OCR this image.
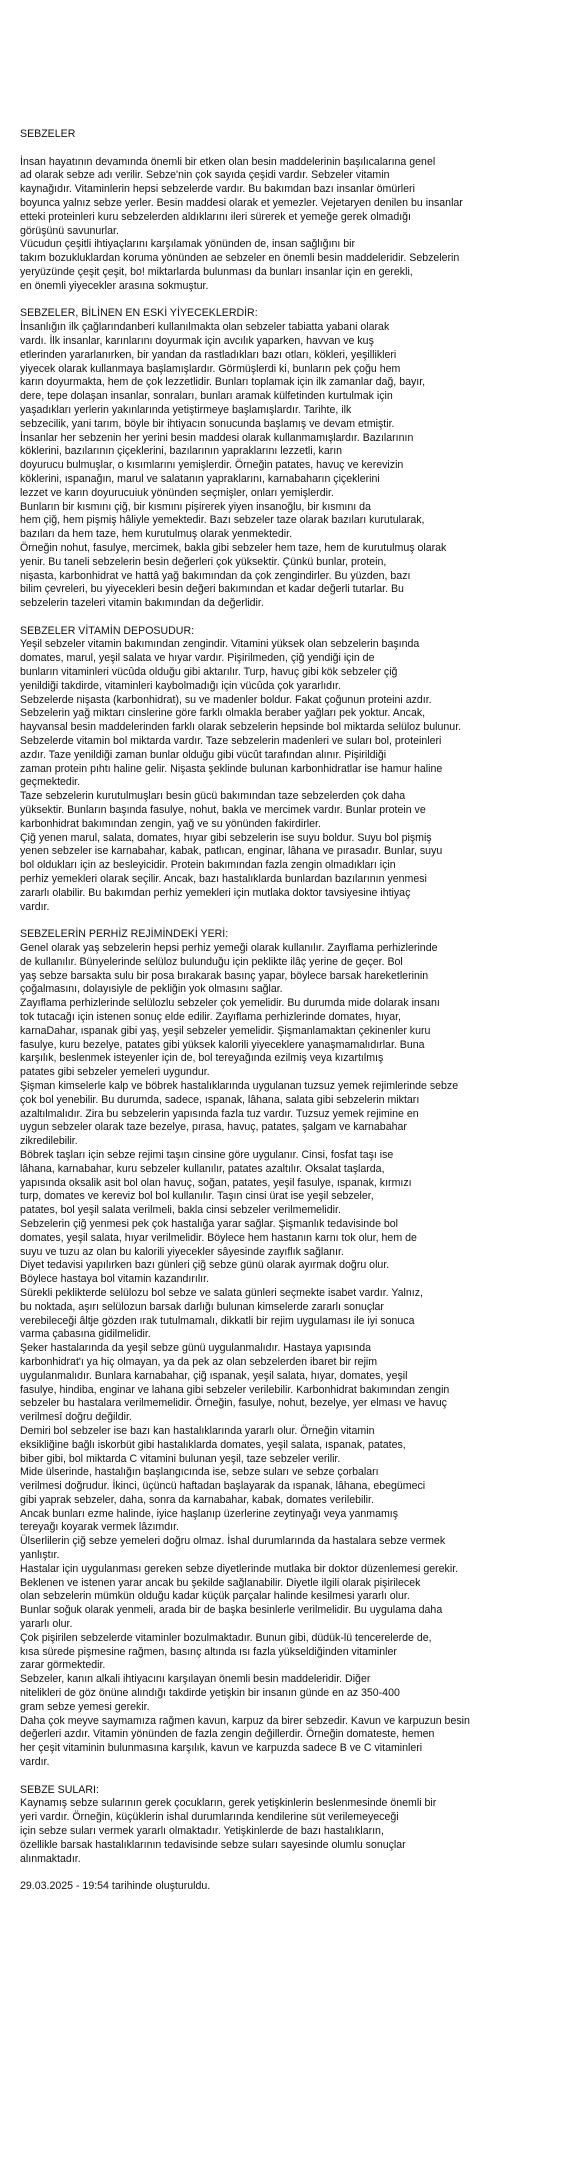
SEBZELER
İnsan hayatının devamında önemli bir etken olan besin maddelerinin başılıcalarına genel
ad olarak sebze adı verilir. Sebze'nin çok sayıda çeşidi vardır. Sebzeler vitamin
kaynağıdır. Vitaminlerin hepsi sebzelerde vardır. Bu bakımdan bazı insanlar ömürleri
boyunca yalnız sebze yerler. Besin maddesi olarak et yemezler. Vejetaryen denilen bu insanlar
etteki proteinleri kuru sebzelerden aldıklarını ileri sürerek et yemeğe gerek olmadığı
görüşünü savunurlar.
Vücudun çeşitli ihtiyaçlarını karşılamak yönünden de, insan sağlığını bir
takım bozukluklardan koruma yönünden ae sebzeler en önemli besin maddeleridir. Sebzelerin
yeryüzünde çeşit çeşit, bo! miktarlarda bulunması da bunları insanlar için en gerekli,
en önemli yiyecekler arasına sokmuştur.
SEBZELER, BİLİNEN EN ESKİ YİYECEKLERDİR:
İnsanlığın ilk çağlarındanberi kullanılmakta olan sebzeler tabiatta yabani olarak
vardı. İlk insanlar, karınlarını doyurmak için avcılık yaparken, havvan ve kuş
etlerinden yararlanırken, bir yandan da rastladıkları bazı otları, kökleri, yeşillikleri
yiyecek olarak kullanmaya başlamışlardır. Görmüşlerdi ki, bunların pek çoğu hem
karın doyurmakta, hem de çok lezzetlidir. Bunları toplamak için ilk zamanlar dağ, bayır,
dere, tepe dolaşan insanlar, sonraları, bunları aramak külfetinden kurtulmak için
yaşadıkları yerlerin yakınlarında yetiştirmeye başlamışlardır. Tarihte, ilk
sebzecilik, yani tarım, böyle bir ihtiyacın sonucunda başlamış ve devam etmiştir.
İnsanlar her sebzenin her yerini besin maddesi olarak kullanmamışlardır. Bazılarının
köklerini, bazılarının çiçeklerini, bazılarının yapraklarını lezzetli, karın
doyurucu bulmuşlar, o kısımlarını yemişlerdir. Örneğin patates, havuç ve kerevizin
köklerini, ıspanağın, marul ve salatanın yapraklarını, karnabaharın çiçeklerini
lezzet ve karın doyurucuiuk yönünden seçmişler, onları yemişlerdir.
Bunların bir kısmını çiğ, bir kısmını pişirerek yiyen insanoğlu, bir kısmını da
hem çiğ, hem pişmiş hâliyle yemektedir. Bazı sebzeler taze olarak bazıları kurutularak,
bazıları da hem taze, hem kurutulmuş olarak yenmektedir.
Örneğin nohut, fasulye, mercimek, bakla gibi sebzeler hem taze, hem de kurutulmuş olarak
yenir. Bu taneli sebzelerin besin değerleri çok yüksektir. Çünkü bunlar, protein,
nişasta, karbonhidrat ve hattâ yağ bakımından da çok zengindirler. Bu yüzden, bazı
bilim çevreleri, bu yiyecekleri besin değeri bakımından et kadar değerli tutarlar. Bu
sebzelerin tazeleri vitamin bakımından da değerlidir.
SEBZELER VİTAMİN DEPOSUDUR:
Yeşil sebzeler vitamin bakımından zengindir. Vitamini yüksek olan sebzelerin başında
domates, marul, yeşil salata ve hıyar vardır. Pişirilmeden, çiğ yendiği için de
bunların vitaminleri vücûda olduğu gibi aktarılır. Turp, havuç gibi kök sebzeler çiğ
yenildiği takdirde, vitaminleri kaybolmadığı için vücûda çok yararlıdır.
Sebzelerde nişasta (karbonhidrat), su ve madenler boldur. Fakat çoğunun proteini azdır.
Sebzelerin yağ miktarı cinslerine göre farklı olmakla beraber yağları pek yoktur. Ancak,
hayvansal besin maddelerinden farklı olarak sebzelerin hepsinde bol miktarda selüloz bulunur.
Sebzelerde vitamin bol miktarda vardır. Taze sebzelerin madenleri ve suları bol, proteinleri
azdır. Taze yenildiği zaman bunlar olduğu gibi vücût tarafından alınır. Pişirildiği
zaman protein pıhtı haline gelir. Nişasta şeklinde bulunan karbonhidratlar ise hamur haline
geçmektedir.
Taze sebzelerin kurutulmuşları besin gücü bakımından taze sebzelerden çok daha
yüksektir. Bunların başında fasulye, nohut, bakla ve mercimek vardır. Bunlar protein ve
karbonhidrat bakımından zengin, yağ ve su yönünden fakirdirler.
Çiğ yenen marul, salata, domates, hıyar gibi sebzelerin ise suyu boldur. Suyu bol pişmiş
yenen sebzeler ise karnabahar, kabak, patlıcan, enginar, lâhana ve pırasadır. Bunlar, suyu
bol oldukları için az besleyicidir. Protein bakımından fazla zengin olmadıkları için
perhiz yemekleri olarak seçilir. Ancak, bazı hastalıklarda bunlardan bazılarının yenmesi
zararlı olabilir. Bu bakımdan perhiz yemekleri için mutlaka doktor tavsiyesine ihtiyaç
vardır.
SEBZELERİN PERHİZ REJİMİNDEKİ YERİ:
Genel olarak yaş sebzelerin hepsi perhiz yemeği olarak kullanılır. Zayıflama perhizlerinde
de kullanılır. Bünyelerinde selüloz bulunduğu için peklikte ilâç yerine de geçer. Bol
yaş sebze barsakta sulu bir posa bırakarak basınç yapar, böylece barsak hareketlerinin
çoğalmasını, dolayısiyle de pekliğin yok olmasını sağlar.
Zayıflama perhizlerinde selülozlu sebzeler çok yemelidir. Bu durumda mide dolarak insanı
tok tutacağı için istenen sonuç elde edilir. Zayıflama perhizlerinde domates, hıyar,
karnaDahar, ıspanak gibi yaş, yeşil sebzeler yemelidir. Şişmanlamaktan çekinenler kuru
fasulye, kuru bezelye, patates gibi yüksek kalorili yiyeceklere yanaşmamalıdırlar. Buna
karşılık, beslenmek isteyenler için de, bol tereyağında ezilmiş veya kızartılmış
patates gibi sebzeler yemeleri uygundur.
Şişman kimselerle kalp ve böbrek hastalıklarında uygulanan tuzsuz yemek rejimlerinde sebze
çok bol yenebilir. Bu durumda, sadece, ıspanak, lâhana, salata gibi sebzelerin miktarı
azaltılmalıdır. Zira bu sebzelerin yapısında fazla tuz vardır. Tuzsuz yemek rejimine en
uygun sebzeler olarak taze bezelye, pırasa, havuç, patates, şalgam ve karnabahar
zikredilebilir.
Böbrek taşları için sebze rejimi taşın cinsine göre uygulanır. Cinsi, fosfat taşı ise
lâhana, karnabahar, kuru sebzeler kullanılır, patates azaltılır. Oksalat taşlarda,
yapısında oksalik asit bol olan havuç, soğan, patates, yeşil fasulye, ıspanak, kırmızı
turp, domates ve kereviz bol bol kullanılır. Taşın cinsi ürat ise yeşil sebzeler,
patates, bol yeşil salata verilmeli, bakla cinsi sebzeler verilmemelidir.
Sebzelerin çiğ yenmesi pek çok hastalığa yarar sağlar. Şişmanlık tedavisinde bol
domates, yeşil salata, hıyar verilmelidir. Böylece hem hastanın karnı tok olur, hem de
suyu ve tuzu az olan bu kalorili yiyecekler sâyesinde zayıflık sağlanır.
Diyet tedavisi yapılırken bazı günleri çiğ sebze günü olarak ayırmak doğru olur.
Böylece hastaya bol vitamin kazandırılır.
Sürekli peklikterde selülozu bol sebze ve salata günleri seçmekte isabet vardır. Yalnız,
bu noktada, aşırı selülozun barsak darlığı bulunan kimselerde zararlı sonuçlar
verebileceği âltje gözden ırak tutulmamalı, dikkatli bir rejim uygulaması ile iyi sonuca
varma çabasına gidilmelidir.
Şeker hastalarında da yeşil sebze günü uygulanmalıdır. Hastaya yapısında
karbonhidrat'ı ya hiç olmayan, ya da pek az olan sebzelerden ibaret bir rejim
uygulanmalıdır. Bunlara karnabahar, çiğ ıspanak, yeşil salata, hıyar, domates, yeşil
fasulye, hindiba, enginar ve lahana gibi sebzeler verilebilir. Karbonhidrat bakımından zengin
sebzeler bu hastalara verilmemelidir. Örneğin, fasulye, nohut, bezelye, yer elması ve havuç
verilmesî doğru değildir.
Demiri bol sebzeler ise bazı kan hastalıklarında yararlı olur. Örneğin vitamin
eksikliğine bağlı iskorbüt gibi hastalıklarda domates, yeşil salata, ıspanak, patates,
biber gibi, bol miktarda C vitamini bulunan yeşil, taze sebzeler verilir.
Mide ülserinde, hastalığın başlangıcında ise, sebze suları ve sebze çorbaları
verilmesi doğrudur. İkinci, üçüncü haftadan başlayarak da ıspanak, lâhana, ebegümeci
gibi yaprak sebzeler, daha, sonra da karnabahar, kabak, domates verilebilir.
Ancak bunları ezme halinde, iyice haşlanıp üzerlerine zeytinyağı veya yanmamış
tereyağı koyarak vermek lâzımdır.
Ülserlilerin çiğ sebze yemeleri doğru olmaz. İshal durumlarında da hastalara sebze vermek
yanlıştır.
Hastalar için uygulanması gereken sebze diyetlerinde mutlaka bir doktor düzenlemesi gerekir.
Beklenen ve istenen yarar ancak bu şekilde sağlanabilir. Diyetle ilgili olarak pişirilecek
olan sebzelerin mümkün olduğu kadar küçük parçalar halinde kesilmesi yararlı olur.
Bunlar soğuk olarak yenmeli, arada bir de başka besinlerle verilmelidir. Bu uygulama daha
yararlı olur.
Çok pişirilen sebzelerde vitaminler bozulmaktadır. Bunun gibi, düdük-lü tencerelerde de,
kısa sürede pişmesine rağmen, basınç altında ısı fazla yükseldiğinden vitaminler
zarar görmektedir.
Sebzeler, kanın alkali ihtiyacını karşılayan önemli besin maddeleridir. Diğer
nitelikleri de göz önüne alındığı takdirde yetişkin bir insanın günde en az 350-400
gram sebze yemesi gerekir.
Daha çok meyve saymamıza rağmen kavun, karpuz da birer sebzedir. Kavun ve karpuzun besin
değerleri azdır. Vitamin yönünden de fazla zengin değillerdir. Örneğin domateste, hemen
her çeşit vitaminin bulunmasına karşılık, kavun ve karpuzda sadece B ve C vitaminleri
vardır.
SEBZE SULARI:
Kaynamış sebze sularının gerek çocukların, gerek yetişkinlerin beslenmesinde önemli bir
yeri vardır. Örneğin, küçüklerin ishal durumlarında kendilerine süt verilemeyeceği
için sebze suları vermek yararlı olmaktadır. Yetişkinlerde de bazı hastalıkların,
özellikle barsak hastalıklarının tedavisinde sebze suları sayesinde olumlu sonuçlar
alınmaktadır.

29.03.2025 - 19:54 tarihinde oluşturuldu.
